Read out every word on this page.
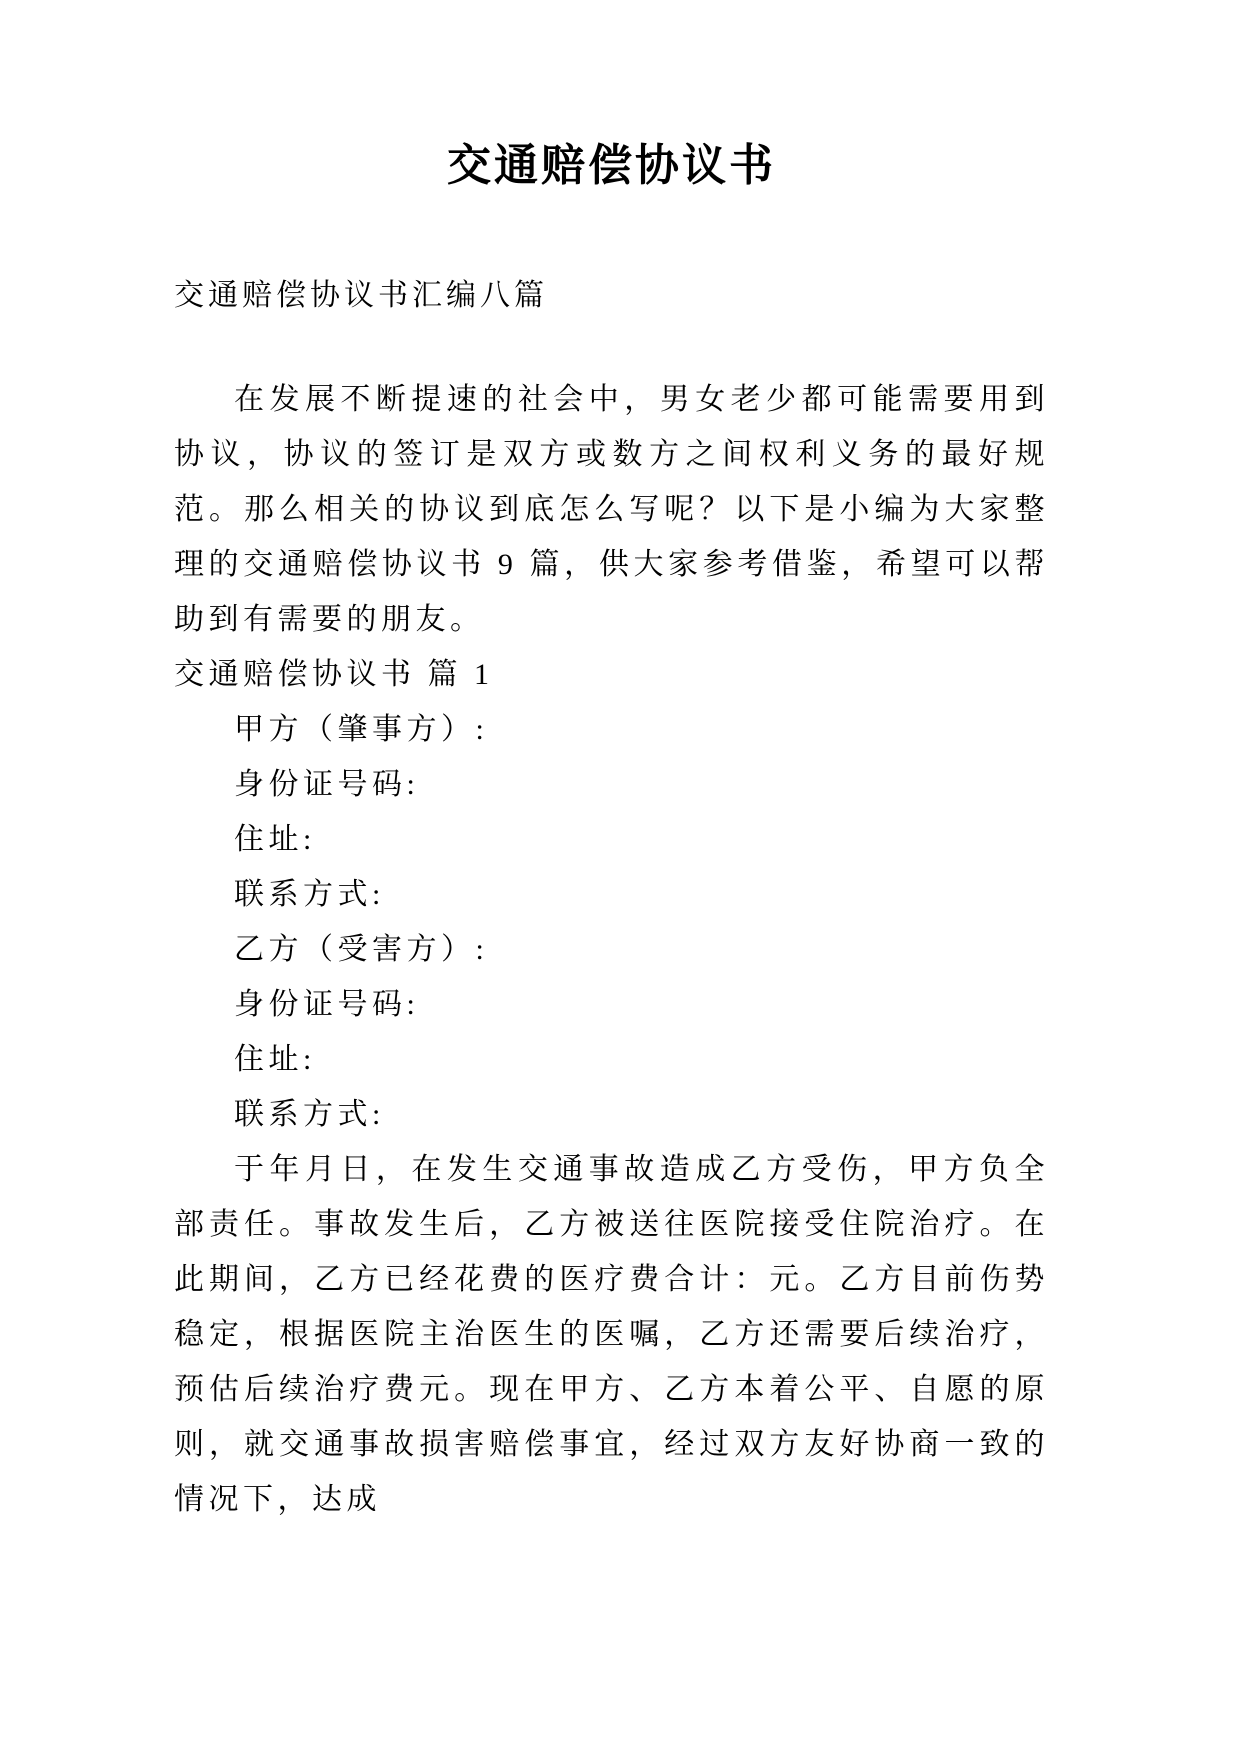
交通赔偿协议书

交通赔偿协议书汇编八篇

在发展不断提速的社会中，男女老少都可能需要用到协议，协议的签订是双方或数方之间权利义务的最好规范。那么相关的协议到底怎么写呢？以下是小编为大家整理的交通赔偿协议书 9 篇，供大家参考借鉴，希望可以帮助到有需要的朋友。

交通赔偿协议书 篇 1

甲方（肇事方）:

身份证号码:

住址:

联系方式:

乙方（受害方）:

身份证号码:

住址:

联系方式:

于年月日，在发生交通事故造成乙方受伤，甲方负全部责任。事故发生后，乙方被送往医院接受住院治疗。在此期间，乙方已经花费的医疗费合计：元。乙方目前伤势稳定，根据医院主治医生的医嘱，乙方还需要后续治疗，预估后续治疗费元。现在甲方、乙方本着公平、自愿的原则，就交通事故损害赔偿事宜，经过双方友好协商一致的情况下，达成
